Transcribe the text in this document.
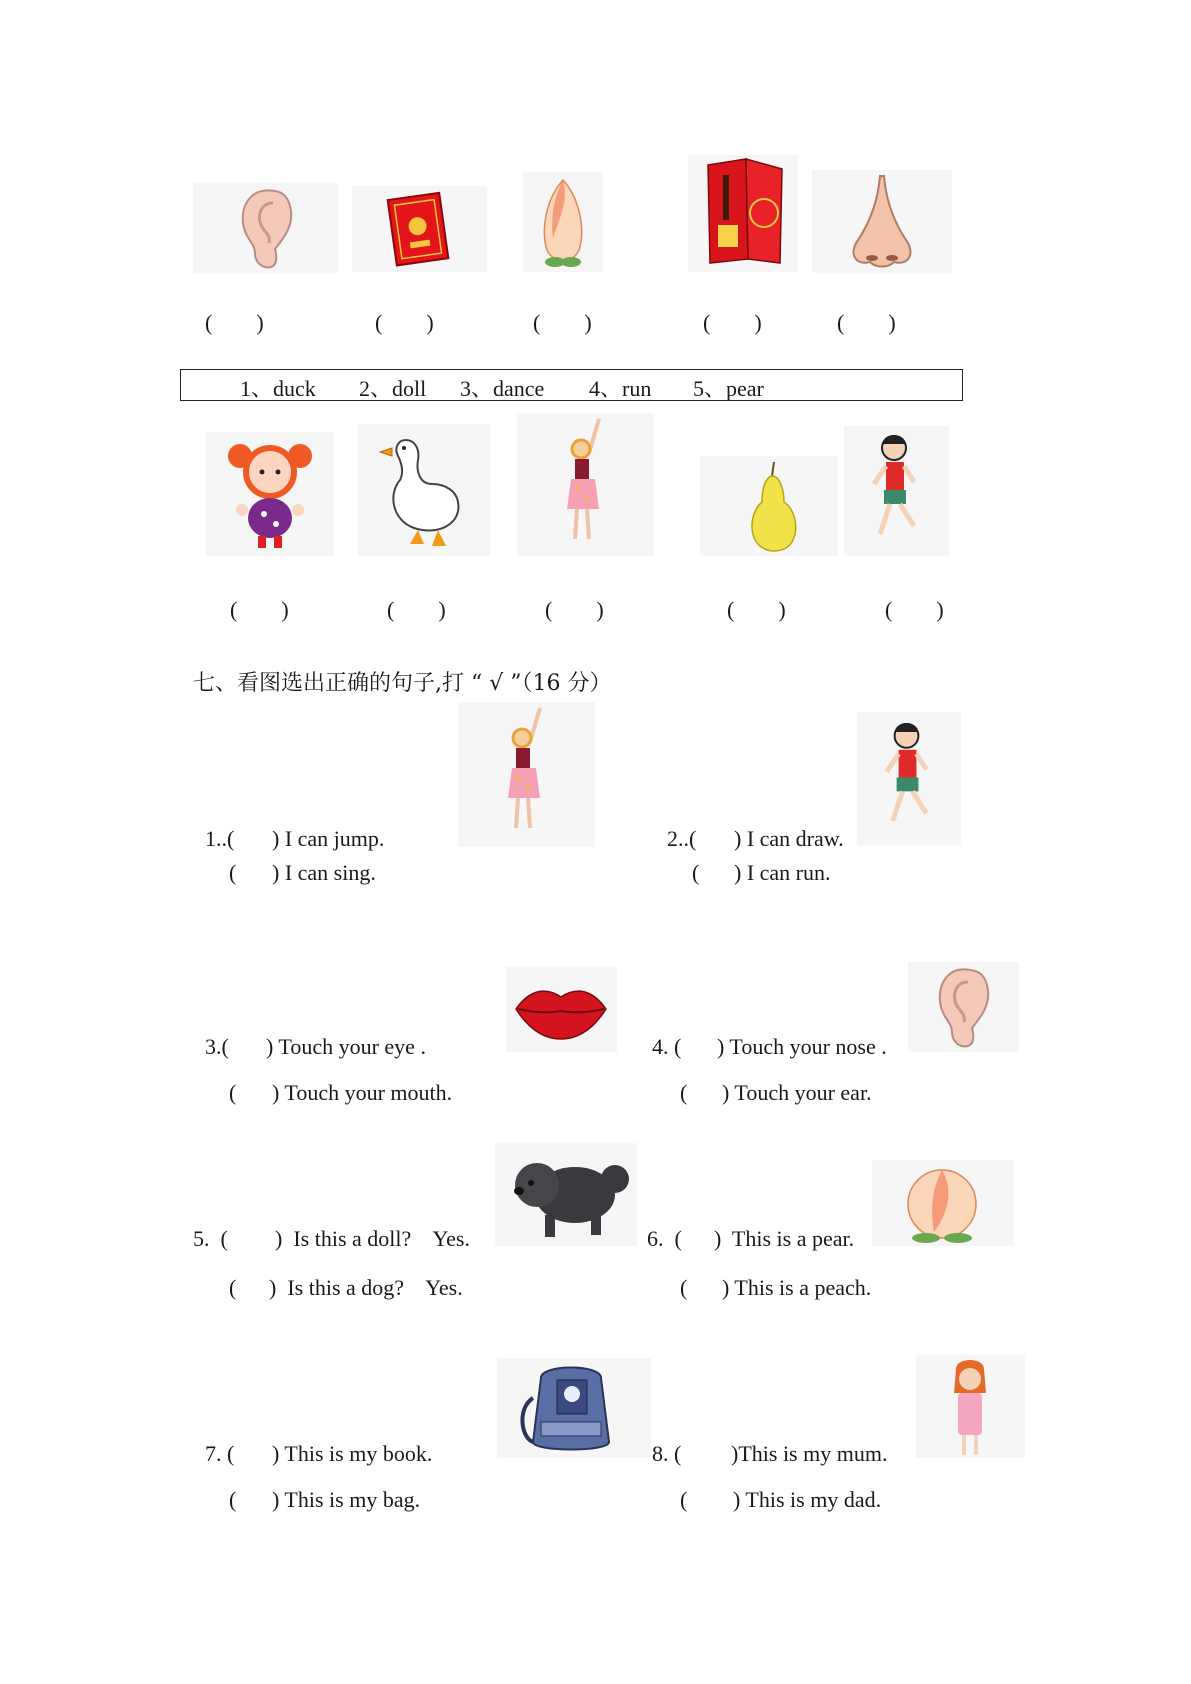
(        )	(        )	(        )	(        )	(        )
1、duck 2、doll 3、dance 4、run 5、pear
(        )	(        )	(        )	(        )	(        )
七、看图选出正确的句子,打 “ √ ”（16 分）
1..( ) I can jump.
( ) I can sing.
2..( ) I can draw.
( ) I can run.
3.( ) Touch your eye .
( ) Touch your mouth.
4. ( ) Touch your nose .
( ) Touch your ear.
5.  ( )  Is this a doll?    Yes.
( )  Is this a dog?    Yes.
6.  ( )  This is a pear.
( ) This is a peach.
7. ( ) This is my book.
( ) This is my bag.
8. ( )This is my mum.
( ) This is my dad.
